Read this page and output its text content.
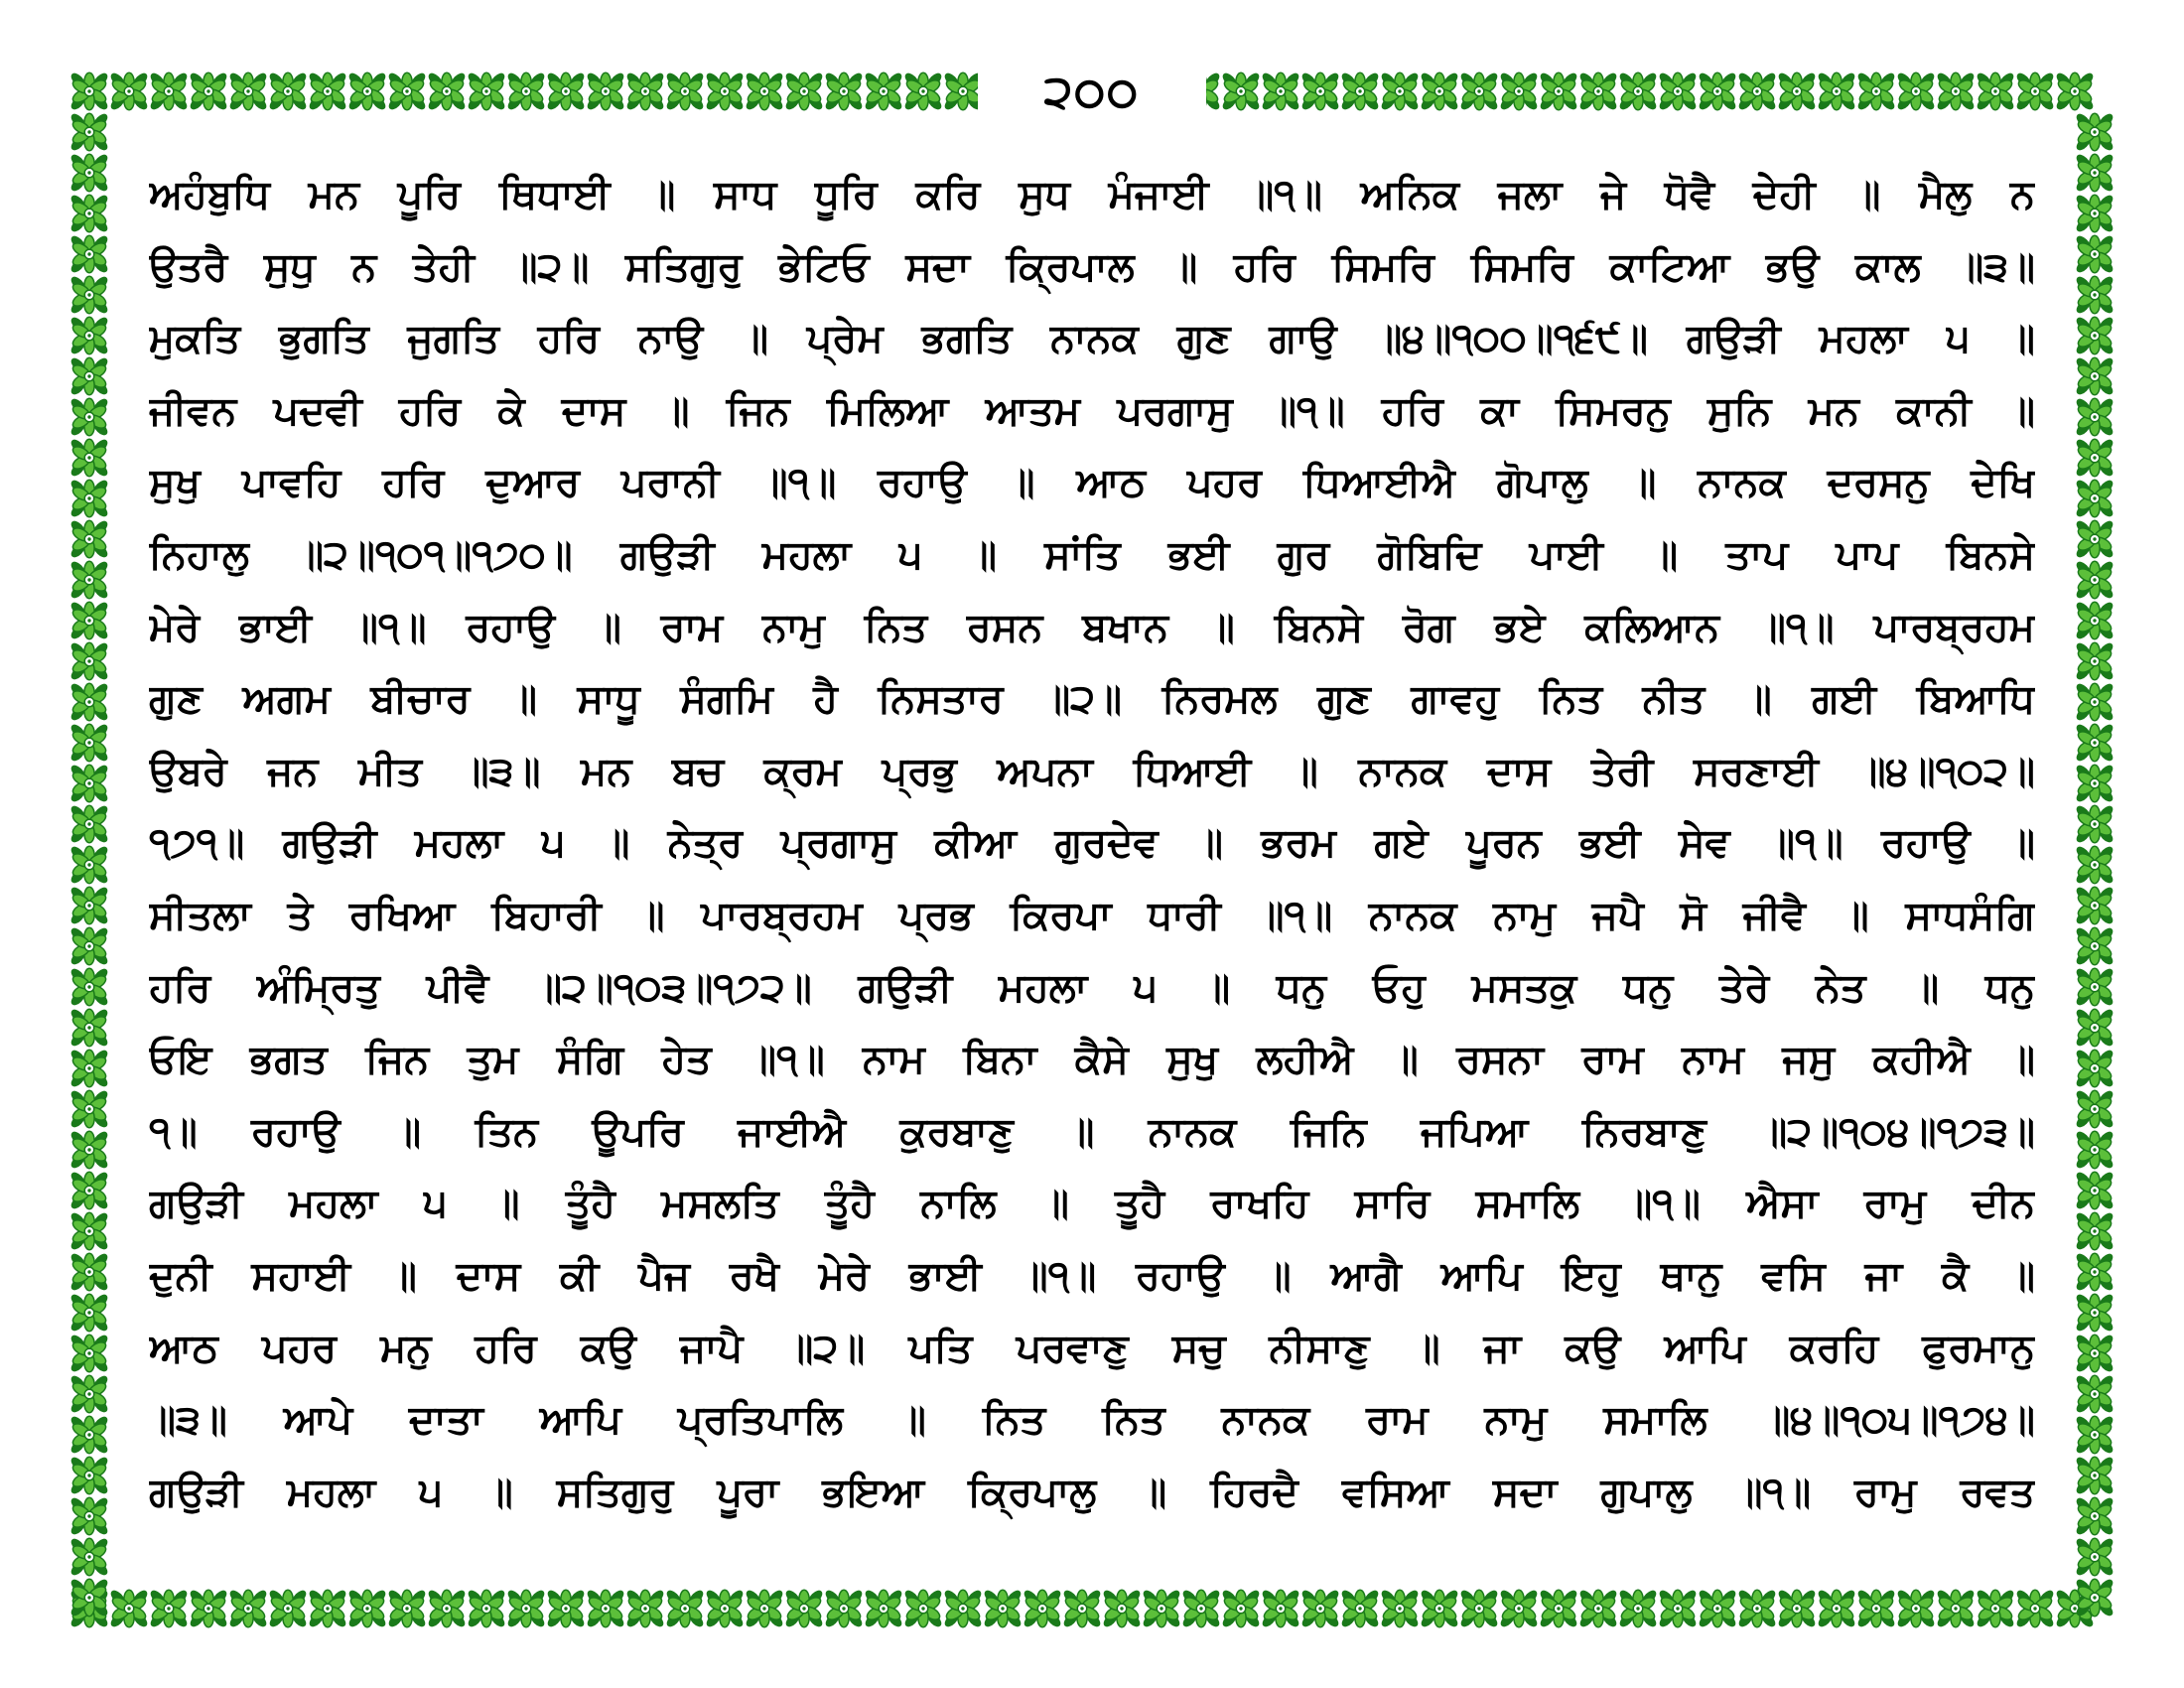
੨੦੦
ਅਹੰਬੁਧਿ ਮਨ ਪੂਰਿ ਥਿਧਾਈ ॥ ਸਾਧ ਧੂਰਿ ਕਰਿ ਸੁਧ ਮੰਜਾਈ ॥੧॥ ਅਨਿਕ ਜਲਾ ਜੇ ਧੋਵੈ ਦੇਹੀ ॥ ਮੈਲੁ ਨ
ਉਤਰੈ ਸੁਧੁ ਨ ਤੇਹੀ ॥੨॥ ਸਤਿਗੁਰੁ ਭੇਟਿਓ ਸਦਾ ਕ੍ਰਿਪਾਲ ॥ ਹਰਿ ਸਿਮਰਿ ਸਿਮਰਿ ਕਾਟਿਆ ਭਉ ਕਾਲ ॥੩॥
ਮੁਕਤਿ ਭੁਗਤਿ ਜੁਗਤਿ ਹਰਿ ਨਾਉ ॥ ਪ੍ਰੇਮ ਭਗਤਿ ਨਾਨਕ ਗੁਣ ਗਾਉ ॥੪॥੧੦੦॥੧੬੯॥ ਗਉੜੀ ਮਹਲਾ ੫ ॥
ਜੀਵਨ ਪਦਵੀ ਹਰਿ ਕੇ ਦਾਸ ॥ ਜਿਨ ਮਿਲਿਆ ਆਤਮ ਪਰਗਾਸੁ ॥੧॥ ਹਰਿ ਕਾ ਸਿਮਰਨੁ ਸੁਨਿ ਮਨ ਕਾਨੀ ॥
ਸੁਖੁ ਪਾਵਹਿ ਹਰਿ ਦੁਆਰ ਪਰਾਨੀ ॥੧॥ ਰਹਾਉ ॥ ਆਠ ਪਹਰ ਧਿਆਈਐ ਗੋਪਾਲੁ ॥ ਨਾਨਕ ਦਰਸਨੁ ਦੇਖਿ
ਨਿਹਾਲੁ ॥੨॥੧੦੧॥੧੭੦॥ ਗਉੜੀ ਮਹਲਾ ੫ ॥ ਸਾਂਤਿ ਭਈ ਗੁਰ ਗੋਬਿਦਿ ਪਾਈ ॥ ਤਾਪ ਪਾਪ ਬਿਨਸੇ
ਮੇਰੇ ਭਾਈ ॥੧॥ ਰਹਾਉ ॥ ਰਾਮ ਨਾਮੁ ਨਿਤ ਰਸਨ ਬਖਾਨ ॥ ਬਿਨਸੇ ਰੋਗ ਭਏ ਕਲਿਆਨ ॥੧॥ ਪਾਰਬ੍ਰਹਮ
ਗੁਣ ਅਗਮ ਬੀਚਾਰ ॥ ਸਾਧੂ ਸੰਗਮਿ ਹੈ ਨਿਸਤਾਰ ॥੨॥ ਨਿਰਮਲ ਗੁਣ ਗਾਵਹੁ ਨਿਤ ਨੀਤ ॥ ਗਈ ਬਿਆਧਿ
ਉਬਰੇ ਜਨ ਮੀਤ ॥੩॥ ਮਨ ਬਚ ਕ੍ਰਮ ਪ੍ਰਭੁ ਅਪਨਾ ਧਿਆਈ ॥ ਨਾਨਕ ਦਾਸ ਤੇਰੀ ਸਰਣਾਈ ॥੪॥੧੦੨॥
੧੭੧॥ ਗਉੜੀ ਮਹਲਾ ੫ ॥ ਨੇਤ੍ਰ ਪ੍ਰਗਾਸੁ ਕੀਆ ਗੁਰਦੇਵ ॥ ਭਰਮ ਗਏ ਪੂਰਨ ਭਈ ਸੇਵ ॥੧॥ ਰਹਾਉ ॥
ਸੀਤਲਾ ਤੇ ਰਖਿਆ ਬਿਹਾਰੀ ॥ ਪਾਰਬ੍ਰਹਮ ਪ੍ਰਭ ਕਿਰਪਾ ਧਾਰੀ ॥੧॥ ਨਾਨਕ ਨਾਮੁ ਜਪੈ ਸੋ ਜੀਵੈ ॥ ਸਾਧਸੰਗਿ
ਹਰਿ ਅੰਮ੍ਰਿਤੁ ਪੀਵੈ ॥੨॥੧੦੩॥੧੭੨॥ ਗਉੜੀ ਮਹਲਾ ੫ ॥ ਧਨੁ ਓਹੁ ਮਸਤਕੁ ਧਨੁ ਤੇਰੇ ਨੇਤ ॥ ਧਨੁ
ਓਇ ਭਗਤ ਜਿਨ ਤੁਮ ਸੰਗਿ ਹੇਤ ॥੧॥ ਨਾਮ ਬਿਨਾ ਕੈਸੇ ਸੁਖੁ ਲਹੀਐ ॥ ਰਸਨਾ ਰਾਮ ਨਾਮ ਜਸੁ ਕਹੀਐ ॥
੧॥ ਰਹਾਉ ॥ ਤਿਨ ਊਪਰਿ ਜਾਈਐ ਕੁਰਬਾਣੁ ॥ ਨਾਨਕ ਜਿਨਿ ਜਪਿਆ ਨਿਰਬਾਣੁ ॥੨॥੧੦੪॥੧੭੩॥
ਗਉੜੀ ਮਹਲਾ ੫ ॥ ਤੂੰਹੈ ਮਸਲਤਿ ਤੂੰਹੈ ਨਾਲਿ ॥ ਤੂਹੈ ਰਾਖਹਿ ਸਾਰਿ ਸਮਾਲਿ ॥੧॥ ਐਸਾ ਰਾਮੁ ਦੀਨ
ਦੁਨੀ ਸਹਾਈ ॥ ਦਾਸ ਕੀ ਪੈਜ ਰਖੈ ਮੇਰੇ ਭਾਈ ॥੧॥ ਰਹਾਉ ॥ ਆਗੈ ਆਪਿ ਇਹੁ ਥਾਨੁ ਵਸਿ ਜਾ ਕੈ ॥
ਆਠ ਪਹਰ ਮਨੁ ਹਰਿ ਕਉ ਜਾਪੈ ॥੨॥ ਪਤਿ ਪਰਵਾਣੁ ਸਚੁ ਨੀਸਾਣੁ ॥ ਜਾ ਕਉ ਆਪਿ ਕਰਹਿ ਫੁਰਮਾਨੁ
॥੩॥ ਆਪੇ ਦਾਤਾ ਆਪਿ ਪ੍ਰਤਿਪਾਲਿ ॥ ਨਿਤ ਨਿਤ ਨਾਨਕ ਰਾਮ ਨਾਮੁ ਸਮਾਲਿ ॥੪॥੧੦੫॥੧੭੪॥
ਗਉੜੀ ਮਹਲਾ ੫ ॥ ਸਤਿਗੁਰੁ ਪੂਰਾ ਭਇਆ ਕ੍ਰਿਪਾਲੁ ॥ ਹਿਰਦੈ ਵਸਿਆ ਸਦਾ ਗੁਪਾਲੁ ॥੧॥ ਰਾਮੁ ਰਵਤ
